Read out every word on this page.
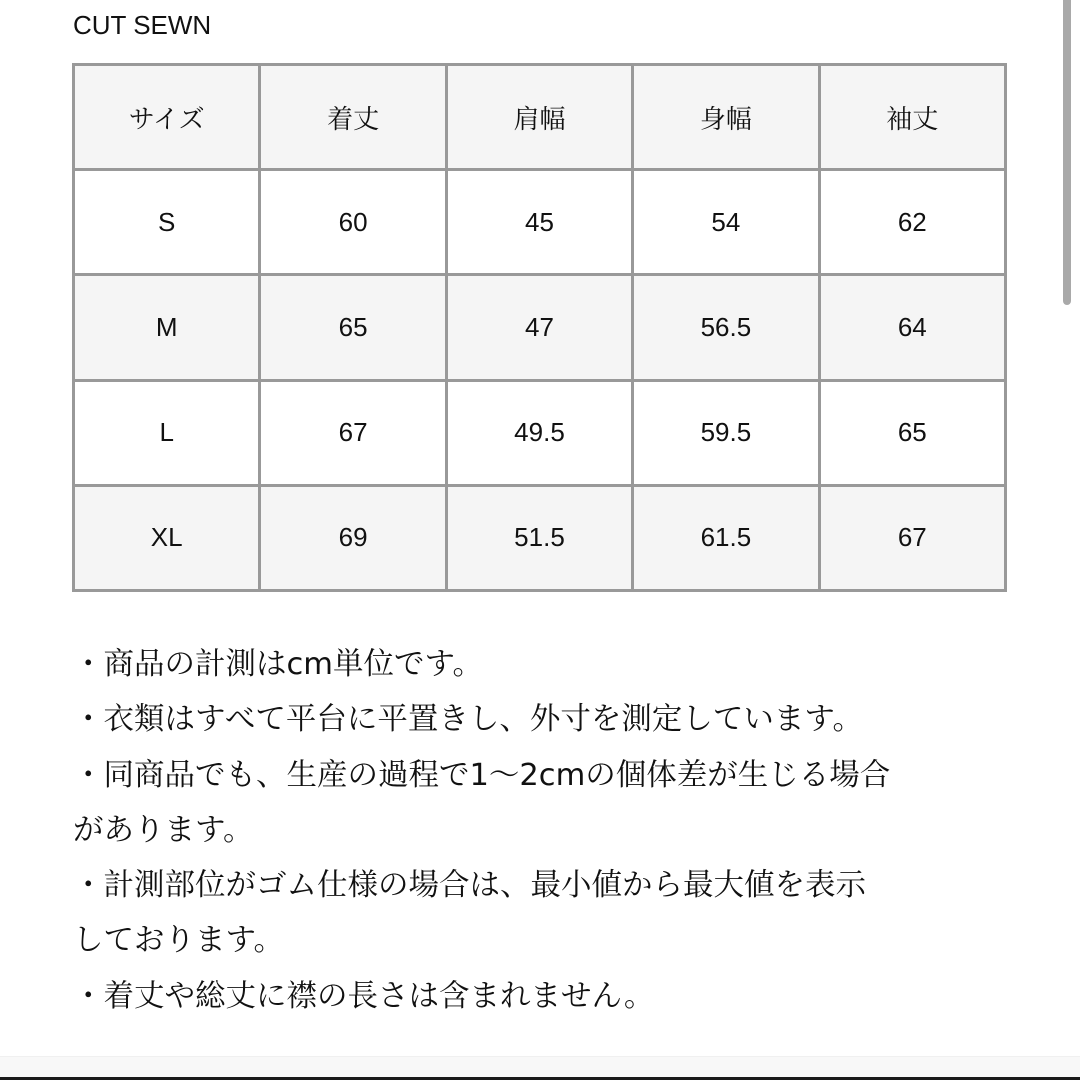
CUT SEWN
サイズ	着丈	肩幅	身幅	袖丈
S	60	45	54	62
M	65	47	56.5	64
L	67	49.5	59.5	65
XL	69	51.5	61.5	67
・商品の計測はcm単位です。
・衣類はすべて平台に平置きし、外寸を測定しています。
・同商品でも、生産の過程で1〜2cmの個体差が生じる場合
があります。
・計測部位がゴム仕様の場合は、最小値から最大値を表示
しております。
・着丈や総丈に襟の長さは含まれません。
